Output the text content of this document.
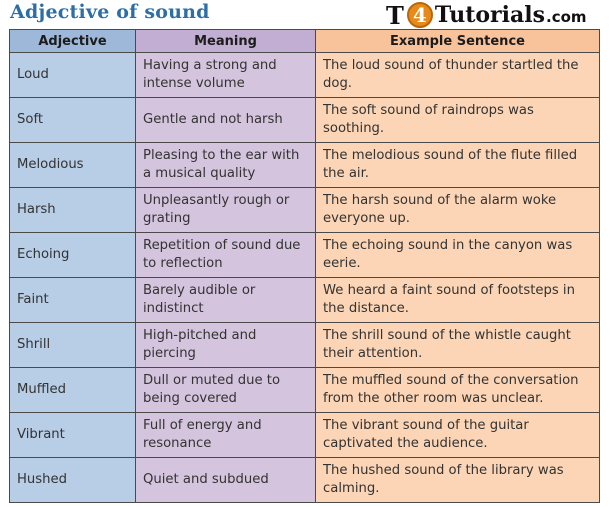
Adjective of sound	T 4 Tutorials .com
Adjective	Meaning	Example Sentence
Loud	Having a strong and intense volume	The loud sound of thunder startled the dog.
Soft	Gentle and not harsh	The soft sound of raindrops was soothing.
Melodious	Pleasing to the ear with a musical quality	The melodious sound of the flute filled the air.
Harsh	Unpleasantly rough or grating	The harsh sound of the alarm woke everyone up.
Echoing	Repetition of sound due to reflection	The echoing sound in the canyon was eerie.
Faint	Barely audible or indistinct	We heard a faint sound of footsteps in the distance.
Shrill	High-pitched and piercing	The shrill sound of the whistle caught their attention.
Muffled	Dull or muted due to being covered	The muffled sound of the conversation from the other room was unclear.
Vibrant	Full of energy and resonance	The vibrant sound of the guitar captivated the audience.
Hushed	Quiet and subdued	The hushed sound of the library was calming.
